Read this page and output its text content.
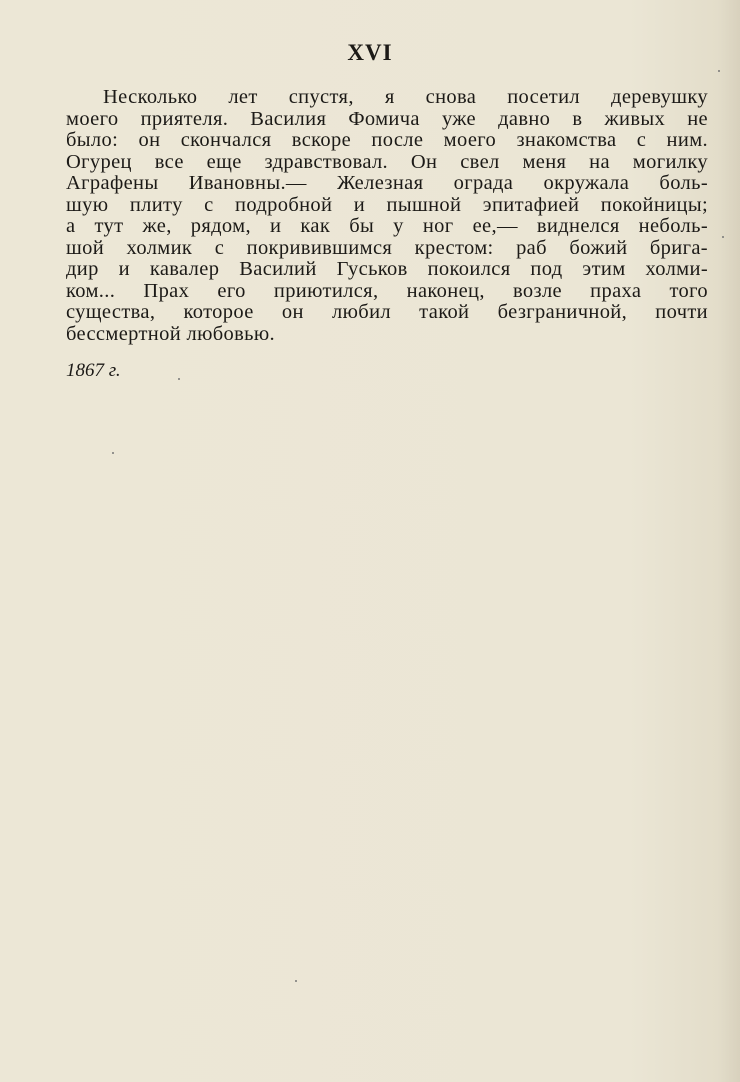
XVI
Несколько лет спустя, я снова посетил деревушку
моего приятеля. Василия Фомича уже давно в живых не
было: он скончался вскоре после моего знакомства с ним.
Огурец все еще здравствовал. Он свел меня на могилку
Аграфены Ивановны.— Железная ограда окружала боль-
шую плиту с подробной и пышной эпитафией покойницы;
а тут же, рядом, и как бы у ног ее,— виднелся неболь-
шой холмик с покривившимся крестом: раб божий брига-
дир и кавалер Василий Гуськов покоился под этим холми-
ком... Прах его приютился, наконец, возле праха того
существа, которое он любил такой безграничной, почти
бессмертной любовью.
1867 г.
